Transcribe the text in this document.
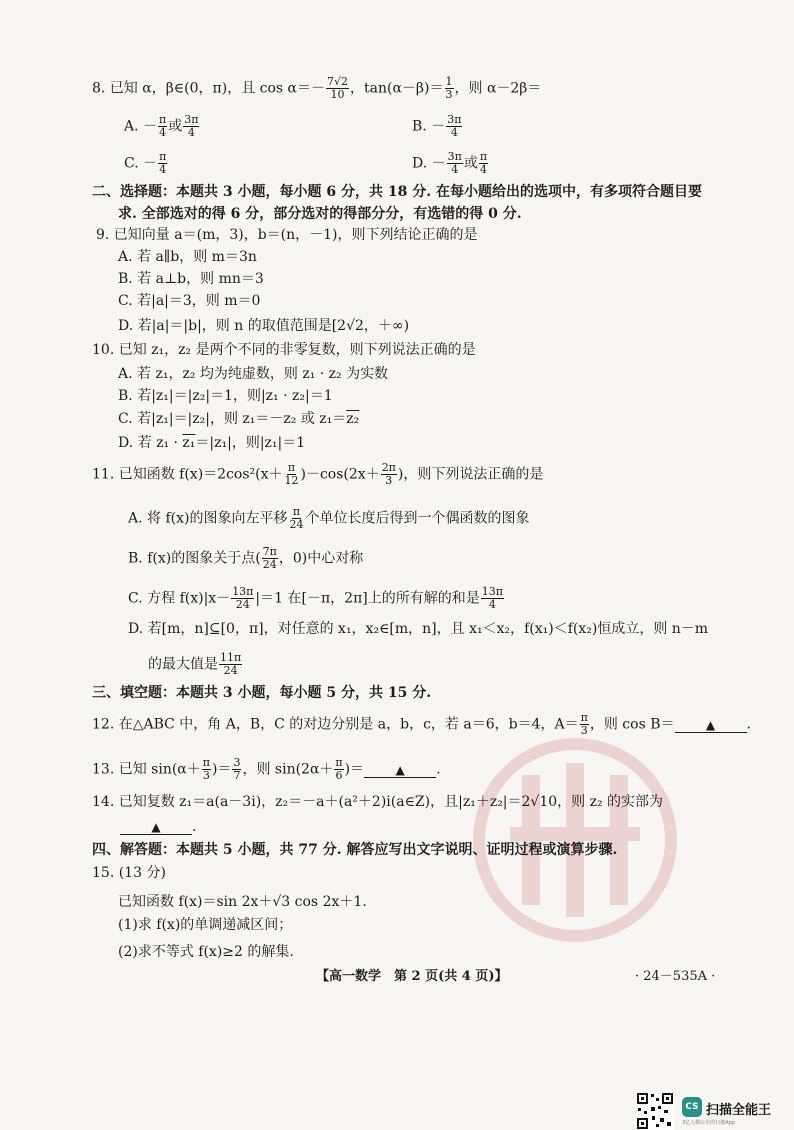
8. 已知 α，β∈(0，π)，且 $\cos \alpha=- \frac{7√2}{10}$ ，$\tan(\alpha-\beta)= \frac{1}{3}$ ，则 α－2β＝
A. － $\frac{\pi}{4}$ 或 $\frac{3\pi}{4}$	B. － $\frac{3\pi}{4}$
C. － $\frac{\pi}{4}$	D. － $\frac{3\pi}{4}$ 或 $\frac{\pi}{4}$
二、选择题：本题共 3 小题，每小题 6 分，共 18 分. 在每小题给出的选项中，有多项符合题目要
求. 全部选对的得 6 分，部分选对的得部分分，有选错的得 0 分.
9. 已知向量 a＝(m，3)，b＝(n，－1)，则下列结论正确的是
A. 若 a∥b，则 m＝3n
B. 若 a⊥b，则 mn＝3
C. 若|a|＝3，则 m＝0
D. 若|a|＝|b|，则 n 的取值范围是[2√2，＋∞)
10. 已知 z₁，z₂ 是两个不同的非零复数，则下列说法正确的是
A. 若 z₁，z₂ 均为纯虚数，则 z₁ · z₂ 为实数
B. 若|z₁|＝|z₂|＝1，则|z₁ · z₂|＝1
C. 若|z₁|＝|z₂|，则 z₁＝－z₂ 或 z₁＝z₂
D. 若 z₁ · z₁＝|z₁|，则|z₁|＝1
11. 已知函数 $f(x)=2\cos^2(x+ \frac{\pi}{12} )-\cos(2x+ \frac{2\pi}{3}$ )，则下列说法正确的是
A. 将 f(x)的图象向左平移 $\frac{\pi}{24}$ 个单位长度后得到一个偶函数的图象
B. f(x)的图象关于点( $\frac{7\pi}{24}$ ，0)中心对称
C. 方程 $f(x)|x- \frac{13\pi}{24} |=1$ 在[－π，2π]上的所有解的和是 $\frac{13\pi}{4}$
D. 若[m，n]⊆[0，π]，对任意的 x₁，x₂∈[m，n]，且 x₁＜x₂，f(x₁)＜f(x₂)恒成立，则 n－m
的最大值是 $\frac{11\pi}{24}$
三、填空题：本题共 3 小题，每小题 5 分，共 15 分.
12. 在△ABC 中，角 A，B，C 的对边分别是 a，b，c，若 a＝6，b＝4，$A= \frac{\pi}{3}$ ，则 cos B＝	▲ .
13. 已知 $\sin(\alpha+ \frac{\pi}{3}$ )＝ $\frac{3}{7}$ ，则 $\sin(2\alpha+ \frac{\pi}{6}$ )＝	▲ .
14. 已知复数 z₁＝a(a－3i)，z₂＝－a＋(a²＋2)i(a∈Z)，且|z₁＋z₂|＝2√10，则 z₂ 的实部为
▲ .
四、解答题：本题共 5 小题，共 77 分. 解答应写出文字说明、证明过程或演算步骤.
15. (13 分)
已知函数 f(x)＝sin 2x＋√3 cos 2x＋1.
(1)求 f(x)的单调递减区间；
(2)求不等式 f(x)≥2 的解集.
【高一数学　第 2 页(共 4 页)】	· 24－535A ·
CS 扫描全能王
3亿人都在用的扫描App
